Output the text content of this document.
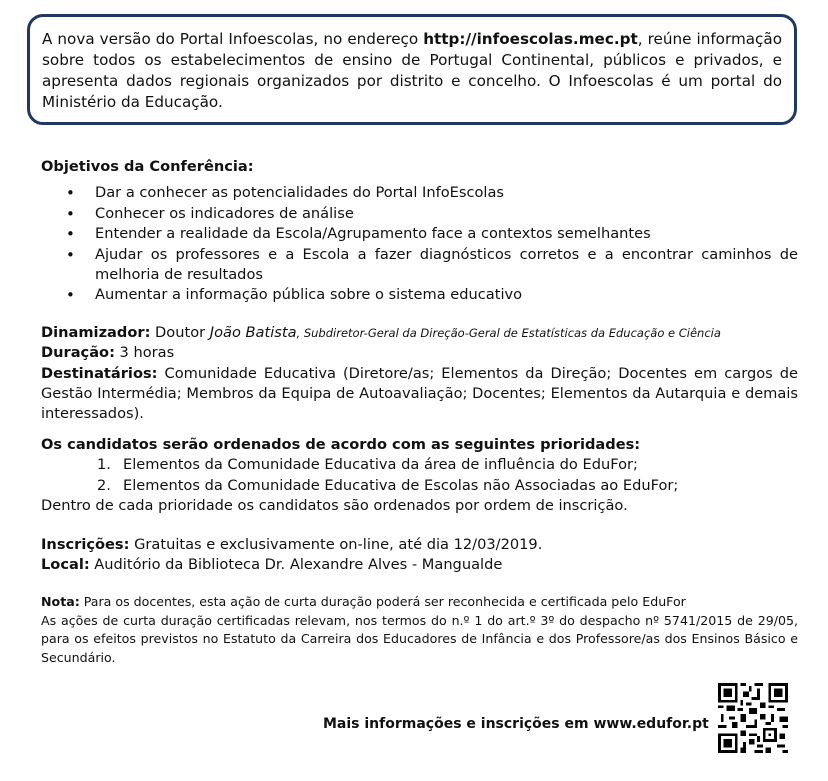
A nova versão do Portal Infoescolas, no endereço http://infoescolas.mec.pt, reúne informação sobre todos os estabelecimentos de ensino de Portugal Continental, públicos e privados, e apresenta dados regionais organizados por distrito e concelho. O Infoescolas é um portal do Ministério da Educação.

Objetivos da Conferência:

• Dar a conhecer as potencialidades do Portal InfoEscolas
• Conhecer os indicadores de análise
• Entender a realidade da Escola/Agrupamento face a contextos semelhantes
• Ajudar os professores e a Escola a fazer diagnósticos corretos e a encontrar caminhos de melhoria de resultados
• Aumentar a informação pública sobre o sistema educativo

Dinamizador: Doutor João Batista, Subdiretor-Geral da Direção-Geral de Estatísticas da Educação e Ciência

Duração: 3 horas

Destinatários: Comunidade Educativa (Diretore/as; Elementos da Direção; Docentes em cargos de Gestão Intermédia; Membros da Equipa de Autoavaliação; Docentes; Elementos da Autarquia e demais interessados).

Os candidatos serão ordenados de acordo com as seguintes prioridades:

1. Elementos da Comunidade Educativa da área de influência do EduFor;
2. Elementos da Comunidade Educativa de Escolas não Associadas ao EduFor;

Dentro de cada prioridade os candidatos são ordenados por ordem de inscrição.

Inscrições: Gratuitas e exclusivamente on-line, até dia 12/03/2019.

Local: Auditório da Biblioteca Dr. Alexandre Alves - Mangualde

Nota: Para os docentes, esta ação de curta duração poderá ser reconhecida e certificada pelo EduFor

As ações de curta duração certificadas relevam, nos termos do n.º 1 do art.º 3º do despacho nº 5741/2015 de 29/05, para os efeitos previstos no Estatuto da Carreira dos Educadores de Infância e dos Professore/as dos Ensinos Básico e Secundário.

Mais informações e inscrições em www.edufor.pt
